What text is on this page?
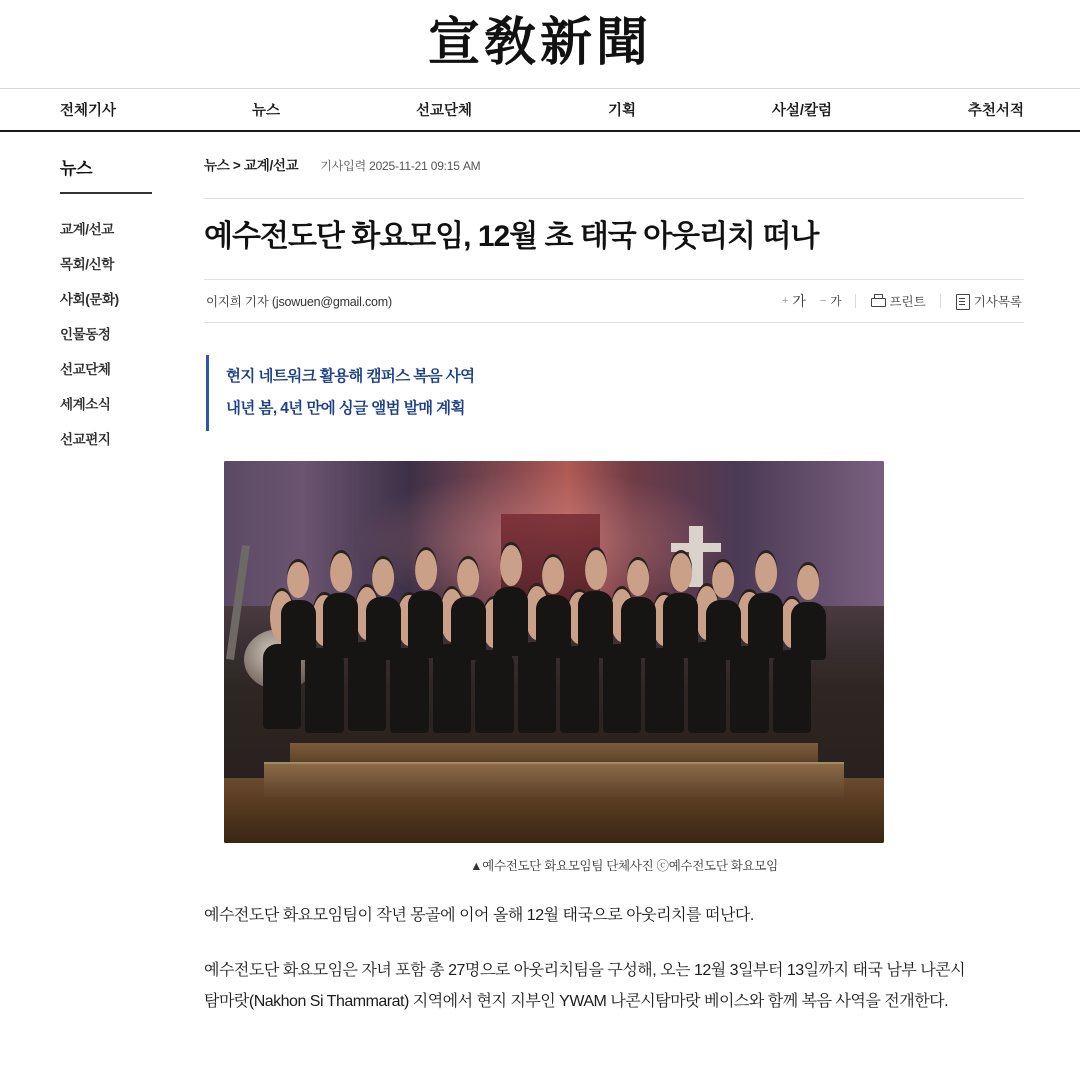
宣敎新聞
전체기사	뉴스	선교단체	기획	사설/칼럼	추천서적
뉴스
교계/선교
목회/신학
사회(문화)
인물동정
선교단체
세계소식
선교편지
뉴스 > 교계/선교 기사입력 2025-11-21 09:15 AM
예수전도단 화요모임, 12월 초 태국 아웃리치 떠나
이지희 기자 (jsowuen@gmail.com)	+ 가 − 가	프린트	기사목록
현지 네트워크 활용해 캠퍼스 복음 사역
내년 봄, 4년 만에 싱글 앨범 발매 계획
▲예수전도단 화요모임팀 단체사진 ⓒ예수전도단 화요모임

예수전도단 화요모임팀이 작년 몽골에 이어 올해 12월 태국으로 아웃리치를 떠난다.

예수전도단 화요모임은 자녀 포함 총 27명으로 아웃리치팀을 구성해, 오는 12월 3일부터 13일까지 태국 남부 나콘시탐마랏(Nakhon Si Thammarat) 지역에서 현지 지부인 YWAM 나콘시탐마랏 베이스와 함께 복음 사역을 전개한다.
